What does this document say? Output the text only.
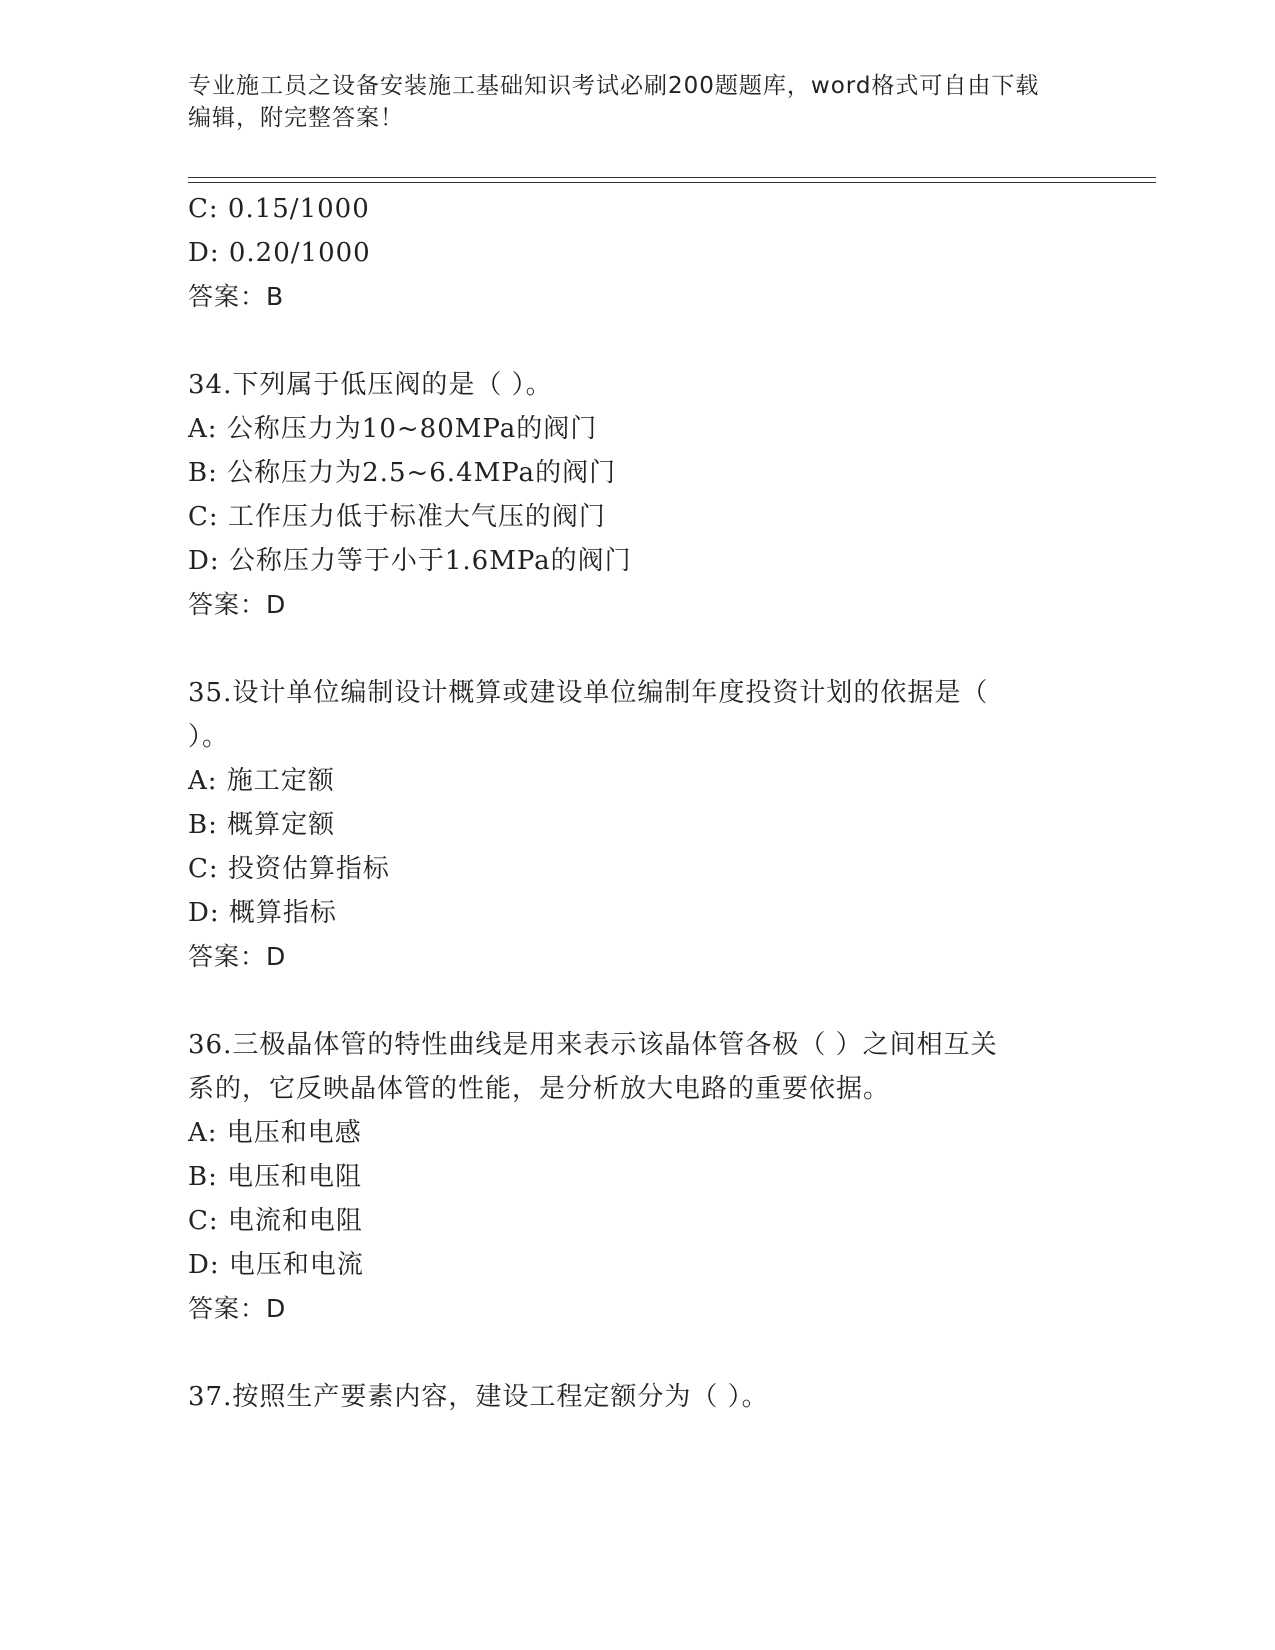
专业施工员之设备安装施工基础知识考试必刷200题题库，word格式可自由下载
编辑，附完整答案！

C: 0.15/1000

D: 0.20/1000

答案：B

34.下列属于低压阀的是（ ）。

A: 公称压力为10~80MPa的阀门

B: 公称压力为2.5~6.4MPa的阀门

C: 工作压力低于标准大气压的阀门

D: 公称压力等于小于1.6MPa的阀门

答案：D

35.设计单位编制设计概算或建设单位编制年度投资计划的依据是（

）。

A: 施工定额

B: 概算定额

C: 投资估算指标

D: 概算指标

答案：D

36.三极晶体管的特性曲线是用来表示该晶体管各极（ ）之间相互关

系的，它反映晶体管的性能，是分析放大电路的重要依据。

A: 电压和电感

B: 电压和电阻

C: 电流和电阻

D: 电压和电流

答案：D

37.按照生产要素内容，建设工程定额分为（ ）。
